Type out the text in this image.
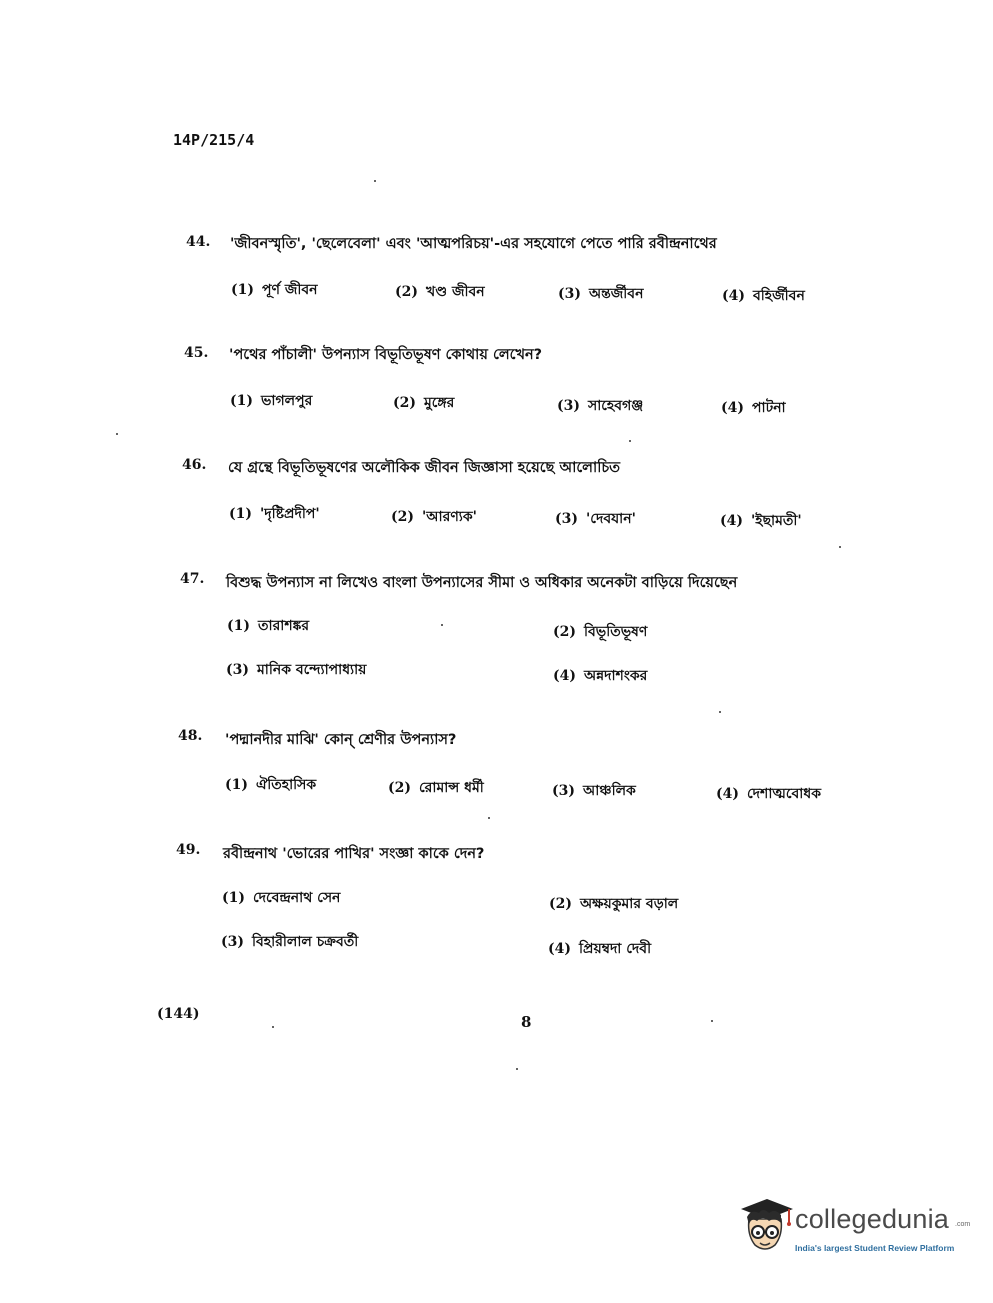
14P/215/4
44. 'জীবনস্মৃতি', 'ছেলেবেলা' এবং 'আত্মপরিচয়'-এর সহযোগে পেতে পারি রবীন্দ্রনাথের
(1) পূর্ণ জীবন	(2) খণ্ড জীবন	(3) অন্তর্জীবন	(4) বহির্জীবন
45. 'পথের পাঁচালী' উপন্যাস বিভূতিভূষণ কোথায় লেখেন?
(1) ভাগলপুর	(2) মুঙ্গের	(3) সাহেবগঞ্জ	(4) পাটনা
46. যে গ্রন্থে বিভূতিভূষণের অলৌকিক জীবন জিজ্ঞাসা হয়েছে আলোচিত
(1) 'দৃষ্টিপ্রদীপ'	(2) 'আরণ্যক'	(3) 'দেবযান'	(4) 'ইছামতী'
47. বিশুদ্ধ উপন্যাস না লিখেও বাংলা উপন্যাসের সীমা ও অধিকার অনেকটা বাড়িয়ে দিয়েছেন
(1) তারাশঙ্কর	(2) বিভূতিভূষণ
(3) মানিক বন্দ্যোপাধ্যায়	(4) অন্নদাশংকর
48. 'পদ্মানদীর মাঝি' কোন্ শ্রেণীর উপন্যাস?
(1) ঐতিহাসিক	(2) রোমান্স ধর্মী	(3) আঞ্চলিক	(4) দেশাত্মবোধক
49. রবীন্দ্রনাথ 'ভোরের পাখির' সংজ্ঞা কাকে দেন?
(1) দেবেন্দ্রনাথ সেন	(2) অক্ষয়কুমার বড়াল
(3) বিহারীলাল চক্রবর্তী	(4) প্রিয়ম্বদা দেবী
(144)	8
collegedunia .com
India's largest Student Review Platform
